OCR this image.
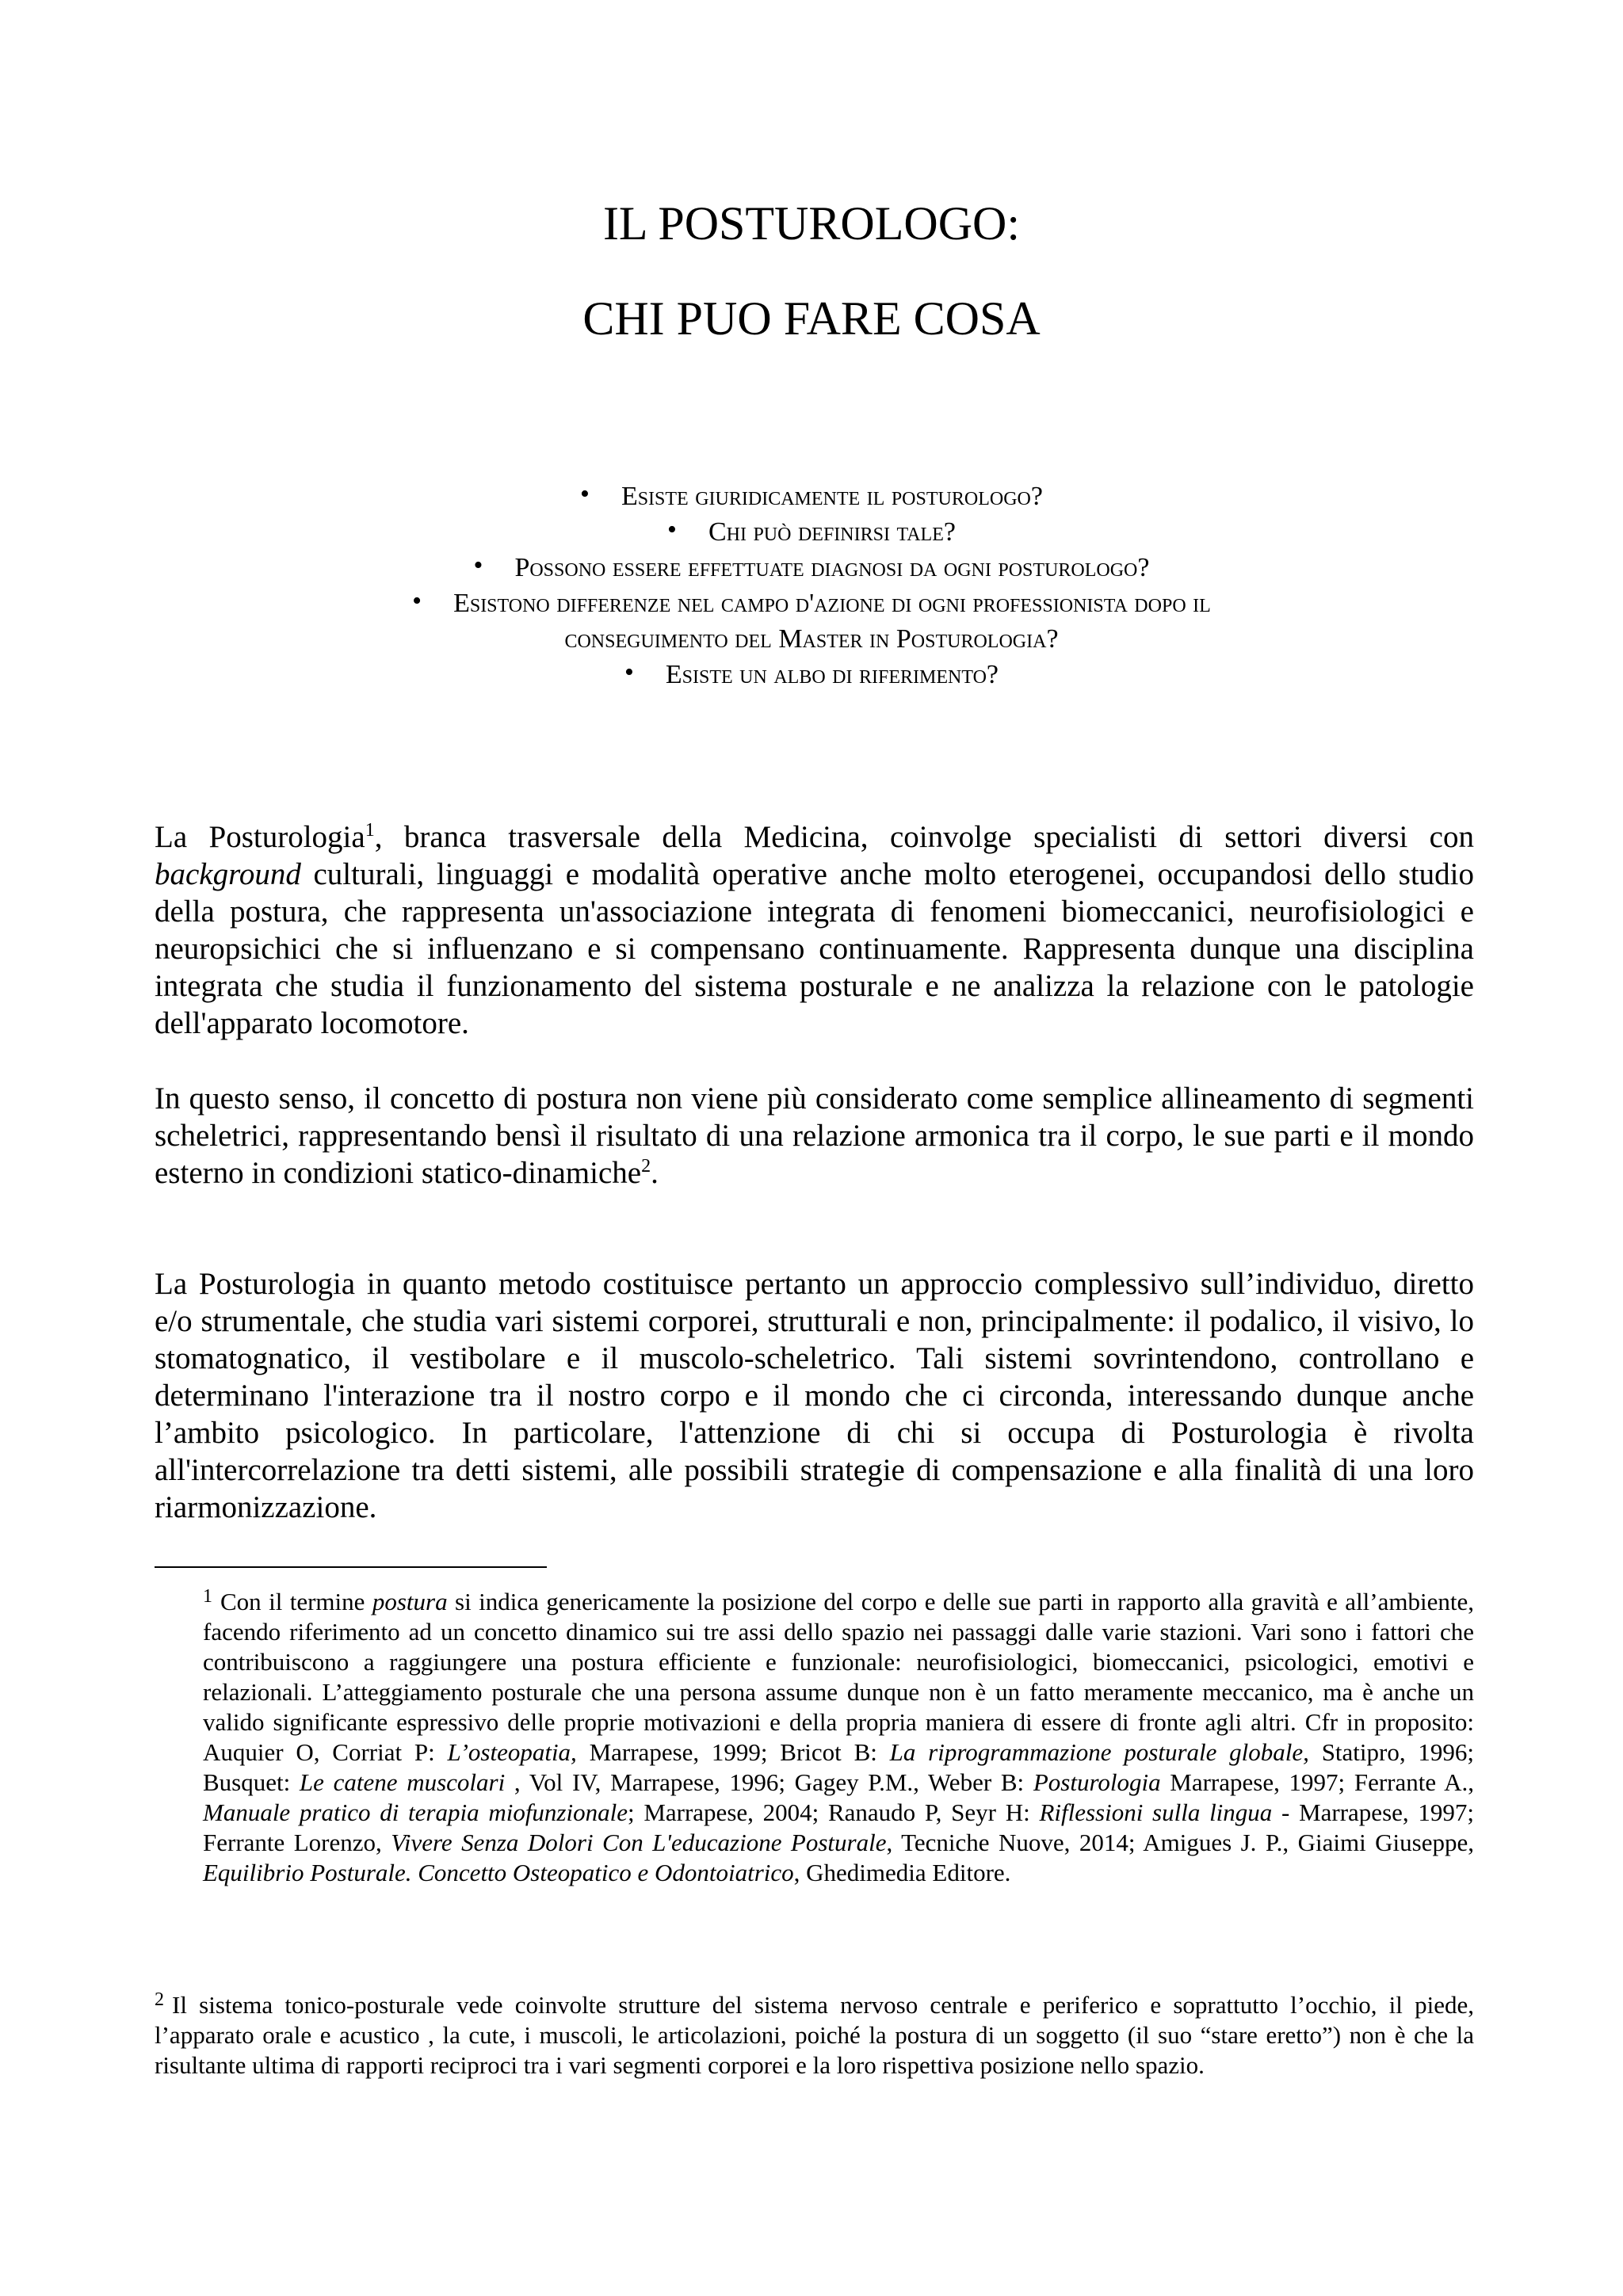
IL POSTUROLOGO:
CHI PUO FARE COSA
• Esiste giuridicamente il posturologo?
• Chi può definirsi tale?
• Possono essere effettuate diagnosi da ogni posturologo?
• Esistono differenze nel campo d'azione di ogni professionista dopo il
conseguimento del Master in Posturologia?
• Esiste un albo di riferimento?

La Posturologia$^1$, branca trasversale della Medicina, coinvolge specialisti di settori diversi con background culturali, linguaggi e modalità operative anche molto eterogenei, occupandosi dello studio della postura, che rappresenta un'associazione integrata di fenomeni biomeccanici, neurofisiologici e neuropsichici che si influenzano e si compensano continuamente. Rappresenta dunque una disciplina integrata che studia il funzionamento del sistema posturale e ne analizza la relazione con le patologie dell'apparato locomotore.

In questo senso, il concetto di postura non viene più considerato come semplice allineamento di segmenti scheletrici, rappresentando bensì il risultato di una relazione armonica tra il corpo, le sue parti e il mondo esterno in condizioni statico-dinamiche$^2$.

La Posturologia in quanto metodo costituisce pertanto un approccio complessivo sull’individuo, diretto e/o strumentale, che studia vari sistemi corporei, strutturali e non, principalmente: il podalico, il visivo, lo stomatognatico, il vestibolare e il muscolo-scheletrico. Tali sistemi sovrintendono, controllano e determinano l'interazione tra il nostro corpo e il mondo che ci circonda, interessando dunque anche l’ambito psicologico. In particolare, l'attenzione di chi si occupa di Posturologia è rivolta all'intercorrelazione tra detti sistemi, alle possibili strategie di compensazione e alla finalità di una loro riarmonizzazione.

$^1$ Con il termine postura si indica genericamente la posizione del corpo e delle sue parti in rapporto alla gravità e all’ambiente, facendo riferimento ad un concetto dinamico sui tre assi dello spazio nei passaggi dalle varie stazioni. Vari sono i fattori che contribuiscono a raggiungere una postura efficiente e funzionale: neurofisiologici, biomeccanici, psicologici, emotivi e relazionali. L’atteggiamento posturale che una persona assume dunque non è un fatto meramente meccanico, ma è anche un valido significante espressivo delle proprie motivazioni e della propria maniera di essere di fronte agli altri. Cfr in proposito: Auquier O, Corriat P: L’osteopatia, Marrapese, 1999; Bricot B: La riprogrammazione posturale globale, Statipro, 1996; Busquet: Le catene muscolari , Vol IV, Marrapese, 1996; Gagey P.M., Weber B: Posturologia Marrapese, 1997; Ferrante A., Manuale pratico di terapia miofunzionale; Marrapese, 2004; Ranaudo P, Seyr H: Riflessioni sulla lingua - Marrapese, 1997; Ferrante Lorenzo, Vivere Senza Dolori Con L'educazione Posturale, Tecniche Nuove, 2014; Amigues J. P., Giaimi Giuseppe, Equilibrio Posturale. Concetto Osteopatico e Odontoiatrico, Ghedimedia Editore.

$^2$ Il sistema tonico-posturale vede coinvolte strutture del sistema nervoso centrale e periferico e soprattutto l’occhio, il piede, l’apparato orale e acustico , la cute, i muscoli, le articolazioni, poiché la postura di un soggetto (il suo “stare eretto”) non è che la risultante ultima di rapporti reciproci tra i vari segmenti corporei e la loro rispettiva posizione nello spazio.
